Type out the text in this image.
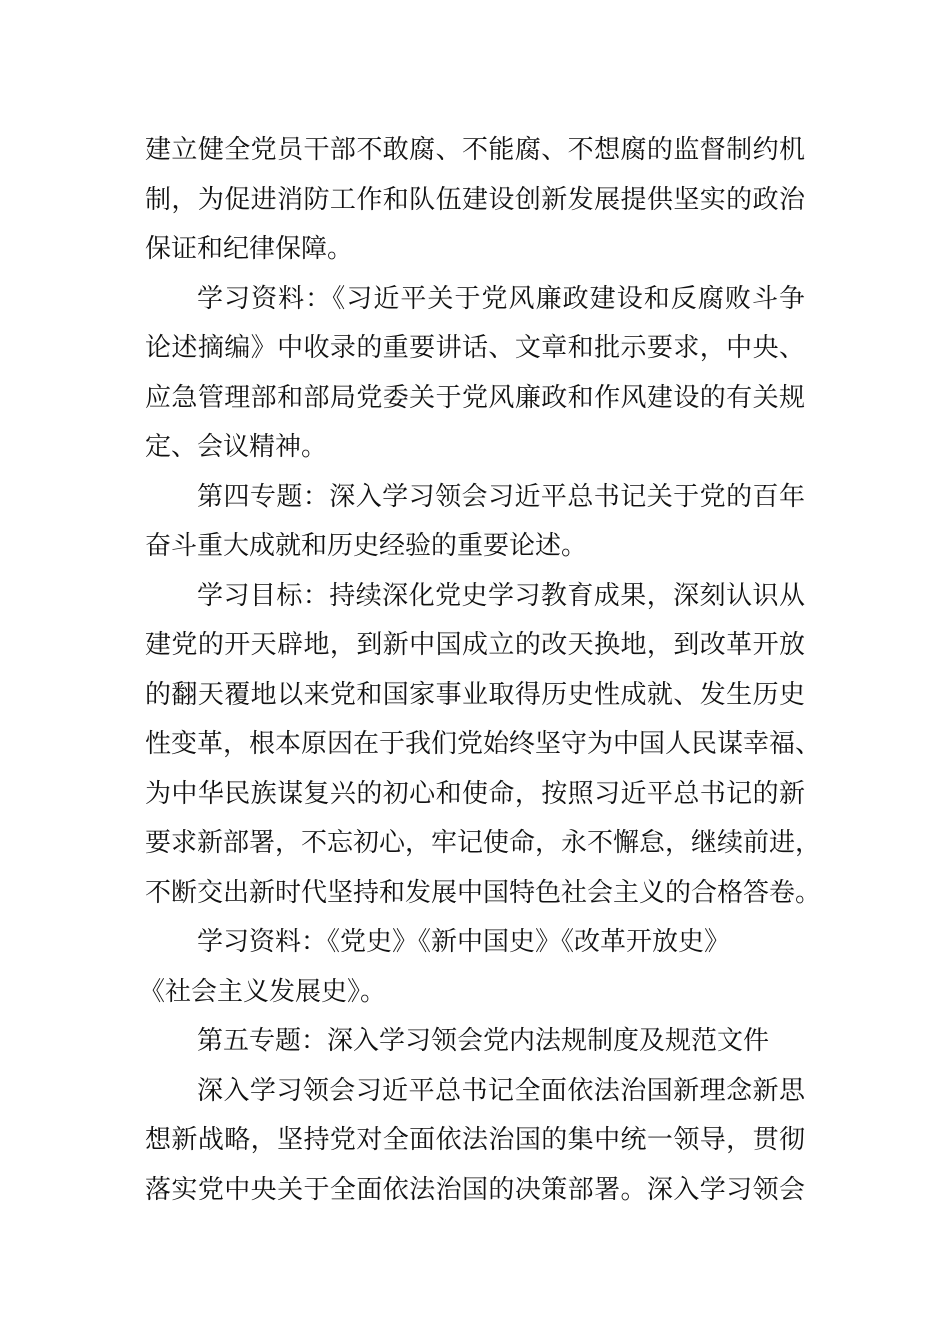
建立健全党员干部不敢腐、不能腐、不想腐的监督制约机
制，为促进消防工作和队伍建设创新发展提供坚实的政治
保证和纪律保障。
学习资料：《习近平关于党风廉政建设和反腐败斗争
论述摘编》中收录的重要讲话、文章和批示要求，中央、
应急管理部和部局党委关于党风廉政和作风建设的有关规
定、会议精神。
第四专题：深入学习领会习近平总书记关于党的百年
奋斗重大成就和历史经验的重要论述。
学习目标：持续深化党史学习教育成果，深刻认识从
建党的开天辟地，到新中国成立的改天换地，到改革开放
的翻天覆地以来党和国家事业取得历史性成就、发生历史
性变革，根本原因在于我们党始终坚守为中国人民谋幸福、
为中华民族谋复兴的初心和使命，按照习近平总书记的新
要求新部署，不忘初心，牢记使命，永不懈怠，继续前进，
不断交出新时代坚持和发展中国特色社会主义的合格答卷。
学习资料：《党史》《新中国史》《改革开放史》
《社会主义发展史》。
第五专题：深入学习领会党内法规制度及规范文件
深入学习领会习近平总书记全面依法治国新理念新思
想新战略，坚持党对全面依法治国的集中统一领导，贯彻
落实党中央关于全面依法治国的决策部署。深入学习领会
